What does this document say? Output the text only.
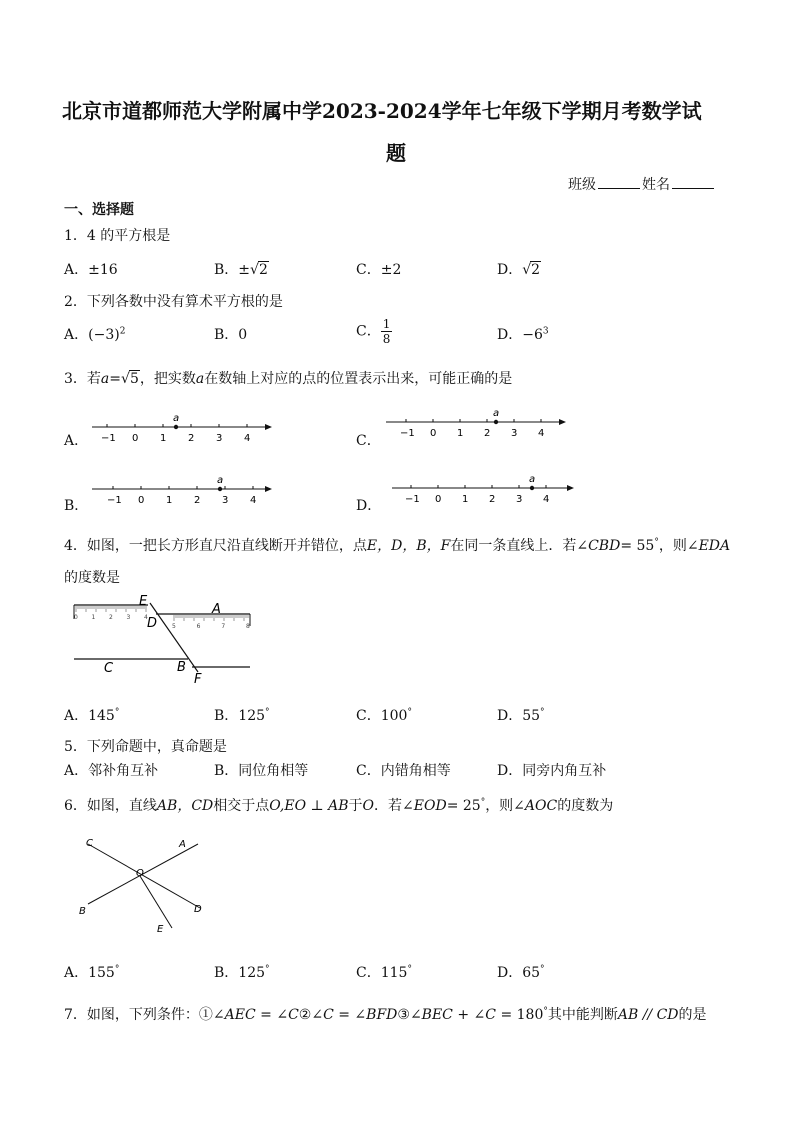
北京市道都师范大学附属中学2023-2024学年七年级下学期月考数学试
题
班级	姓名
一、选择题
1．4 的平方根是
A．±16	B．±√2	C．±2	D．√2
2．下列各数中没有算术平方根的是
A．$(-3)^2$	B．0	C． $\frac{1}{8}$	D．$-6^3$
3．若a=√5，把实数a在数轴上对应的点的位置表示出来，可能正确的是
A． −1 0 1 2 3 4
a
C． −1 0 1 2 3 4
a
B． −1 0 1 2 3 4
a
D． −1 0 1 2 3 4
a
4．如图，一把长方形直尺沿直线断开并错位，点E，D，B，F在同一条直线上．若∠CBD= 55°，则∠EDA
的度数是
0 1 2 3 4
5	6	7	8
E
D
A
C	B
F
A．145°	B．125°	C．100°	D．55°
5．下列命题中，真命题是
A．邻补角互补	B．同位角相等	C．内错角相等	D．同旁内角互补
6．如图，直线AB，CD相交于点O,EO ⊥ AB于O．若∠EOD= 25°，则∠AOC的度数为
C	A
O
B	D
E
A．155°	B．125°	C．115°	D．65°
7．如图，下列条件：①∠AEC = ∠C②∠C = ∠BFD③∠BEC + ∠C = 180°其中能判断AB // CD的是
